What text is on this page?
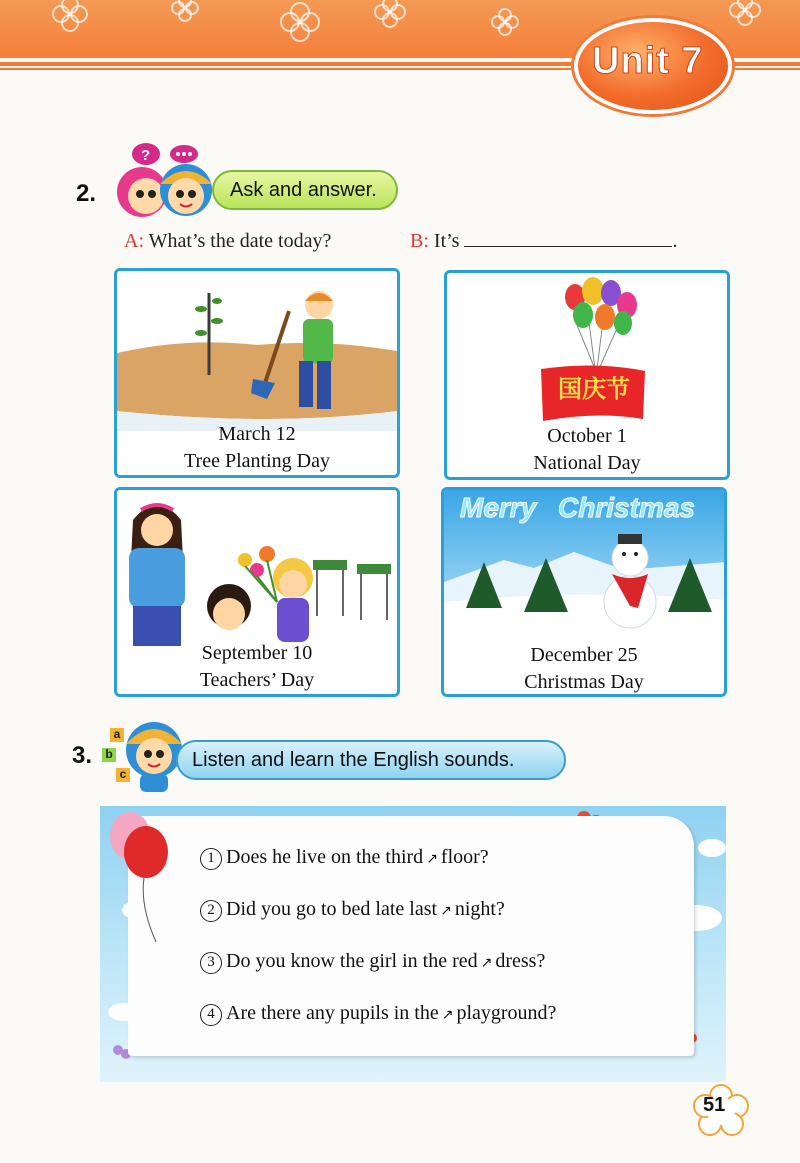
Unit 7
2.
?
Ask and answer.
A: What’s the date today?	B: It’s	.
March 12
Tree Planting Day
国庆节
October 1
National Day
September 10
Teachers’ Day
Merry Christmas
December 25
Christmas Day
3.
a
b
c
Listen and learn the English sounds.
1 Does he live on the third ↗ floor?
2 Did you go to bed late last ↗ night?
3 Do you know the girl in the red ↗ dress?
4 Are there any pupils in the ↗ playground?
51
